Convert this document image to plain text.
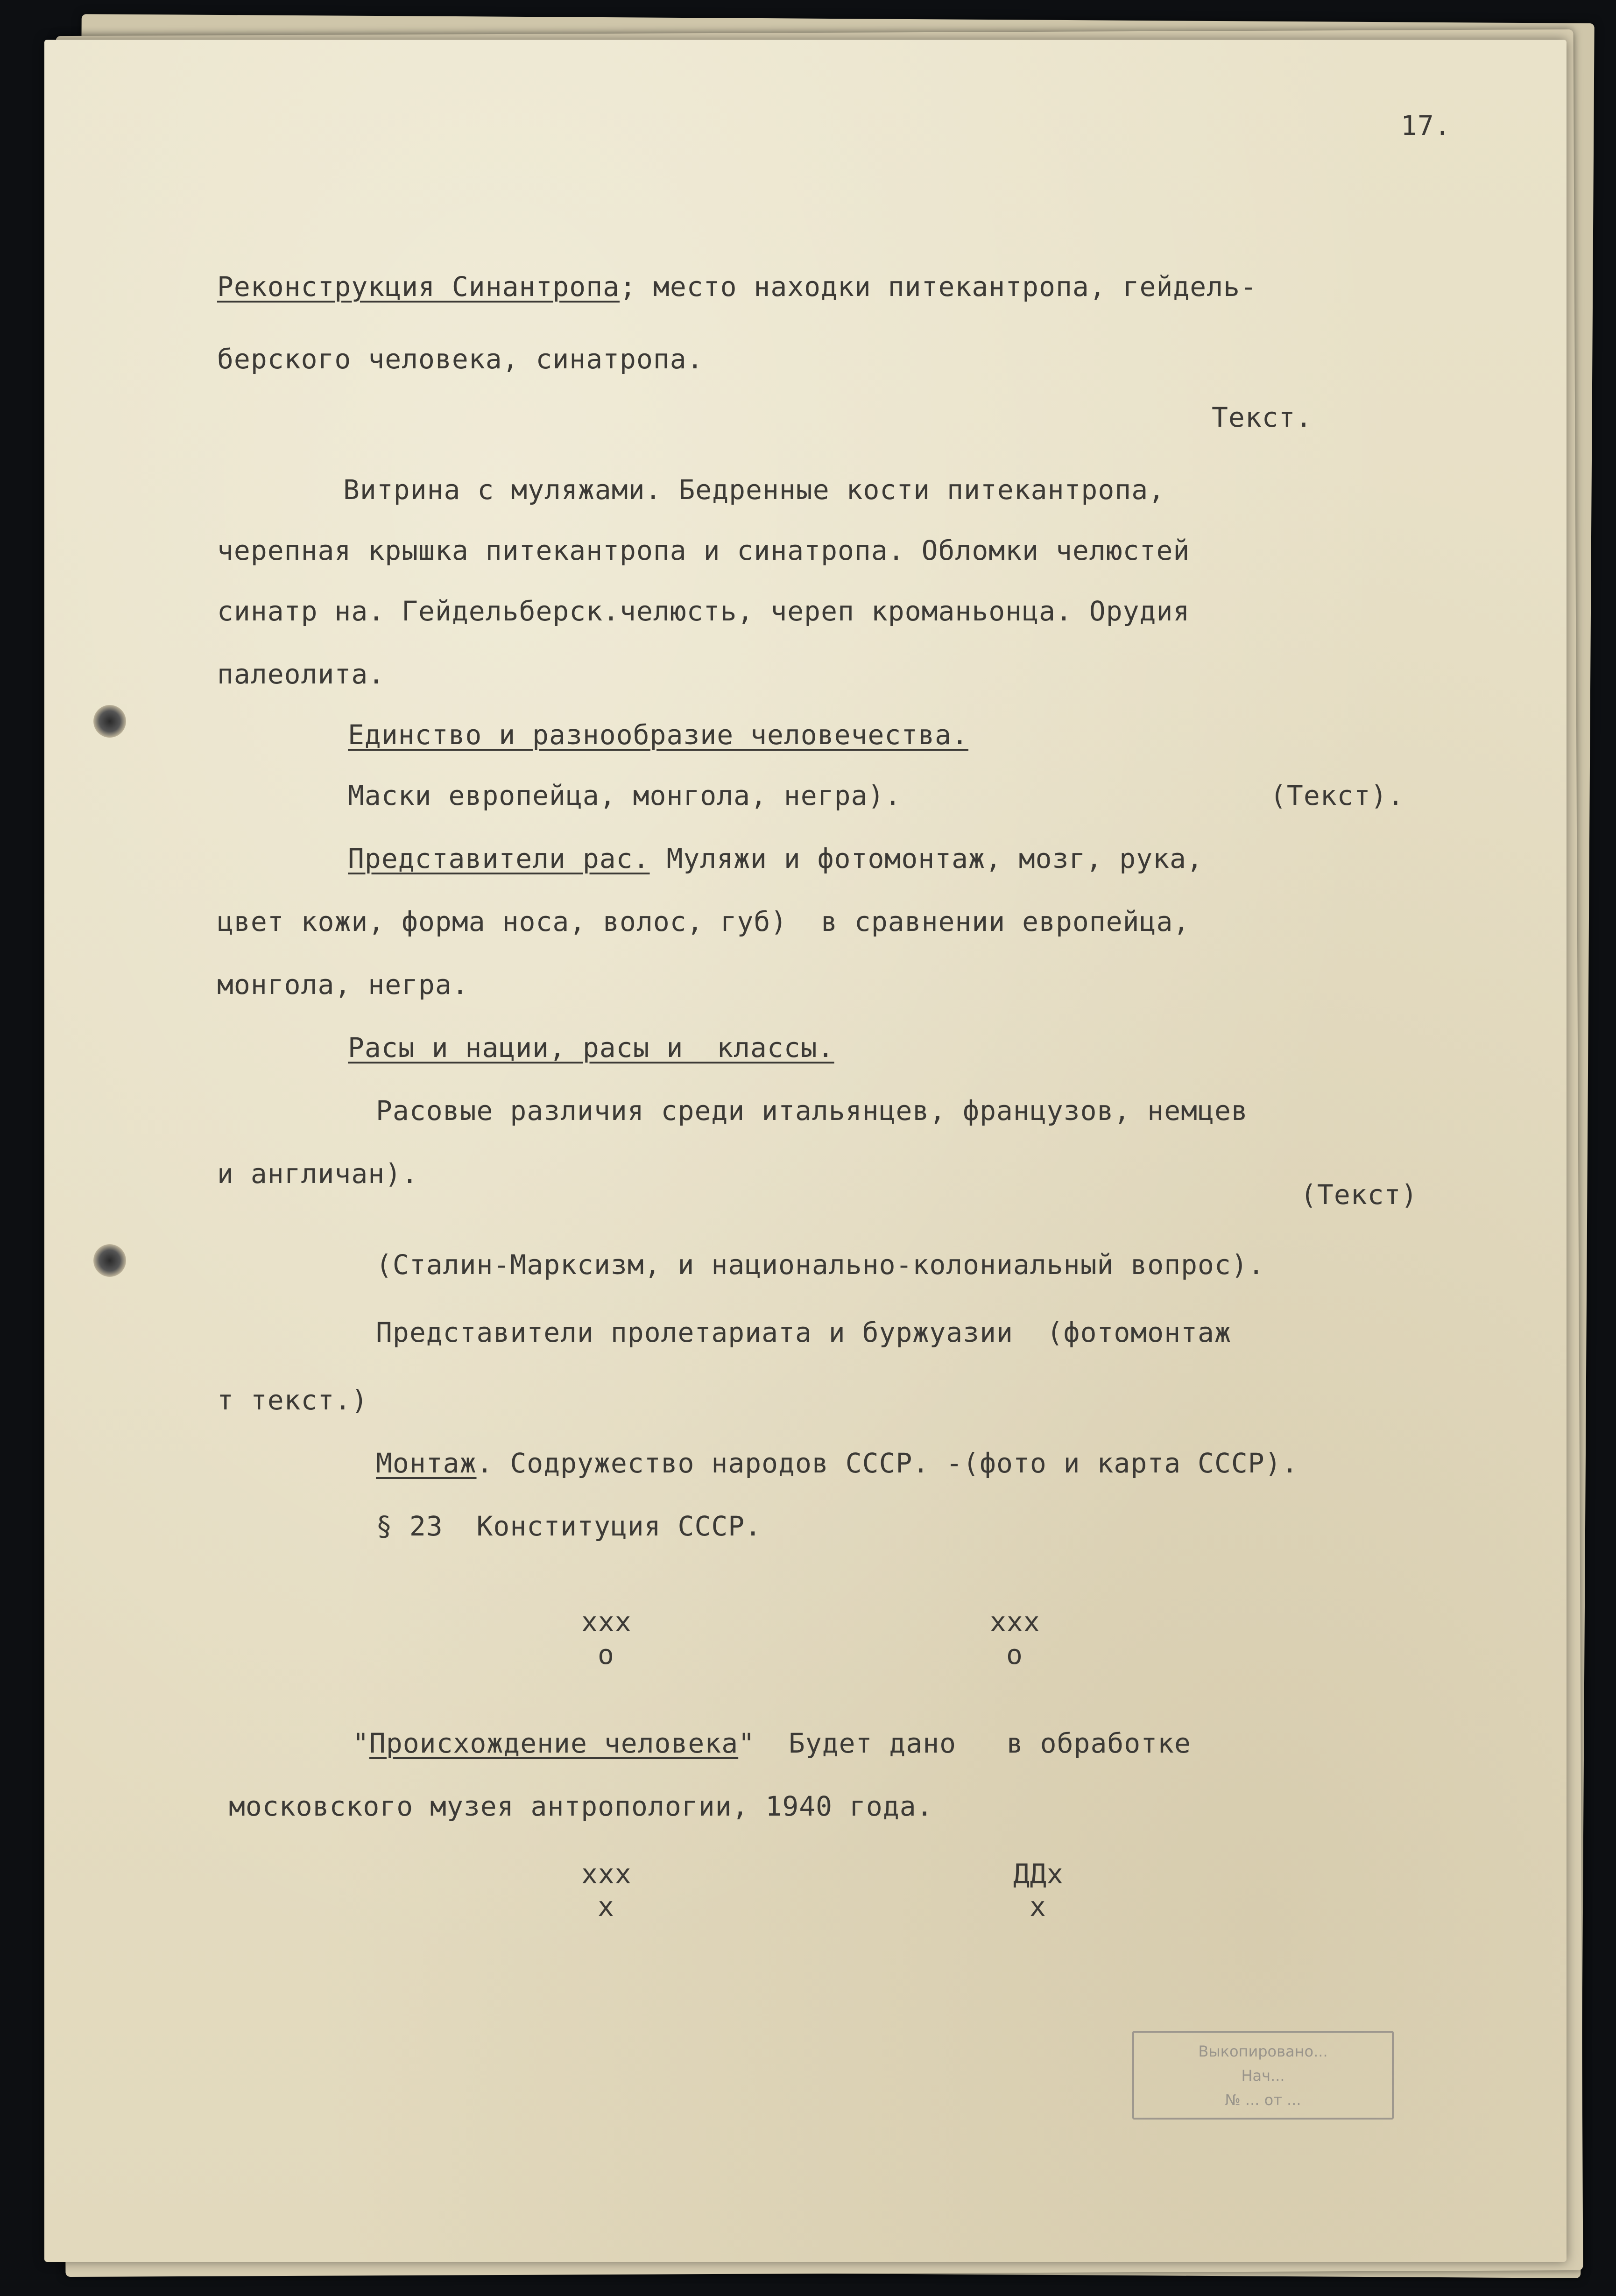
17.
Реконструкция Синантропа; место находки питекантропа, гейдель-
берского человека, синатропа.
Текст.
Витрина с муляжами. Бедренные кости питекантропа,
черепная крышка питекантропа и синатропа. Обломки челюстей
синатр на. Гейдельберск.челюсть, череп кроманьонца. Орудия
палеолита.
Единство и разнообразие человечества.
Маски европейца, монгола, негра).	(Текст).
Представители рас. Муляжи и фотомонтаж, мозг, рука,
цвет кожи, форма носа, волос, губ)  в сравнении европейца,
монгола, негра.
Расы и нации, расы и  классы.
Расовые различия среди итальянцев, французов, немцев
и англичан).
(Текст)
(Сталин-Марксизм, и национально-колониальный вопрос).
Представители пролетариата и буржуазии  (фотомонтаж
т текст.)
Монтаж. Содружество народов СССР. -(фото и карта СССР).
§ 23  Конституция СССР.
ххх
о
ххх
о
"Происхождение человека"  Будет дано   в обработке
московского музея антропологии, 1940 года.
ххх
х
ДДх
х
Выкопировано...
Нач...
№ ... от ...
